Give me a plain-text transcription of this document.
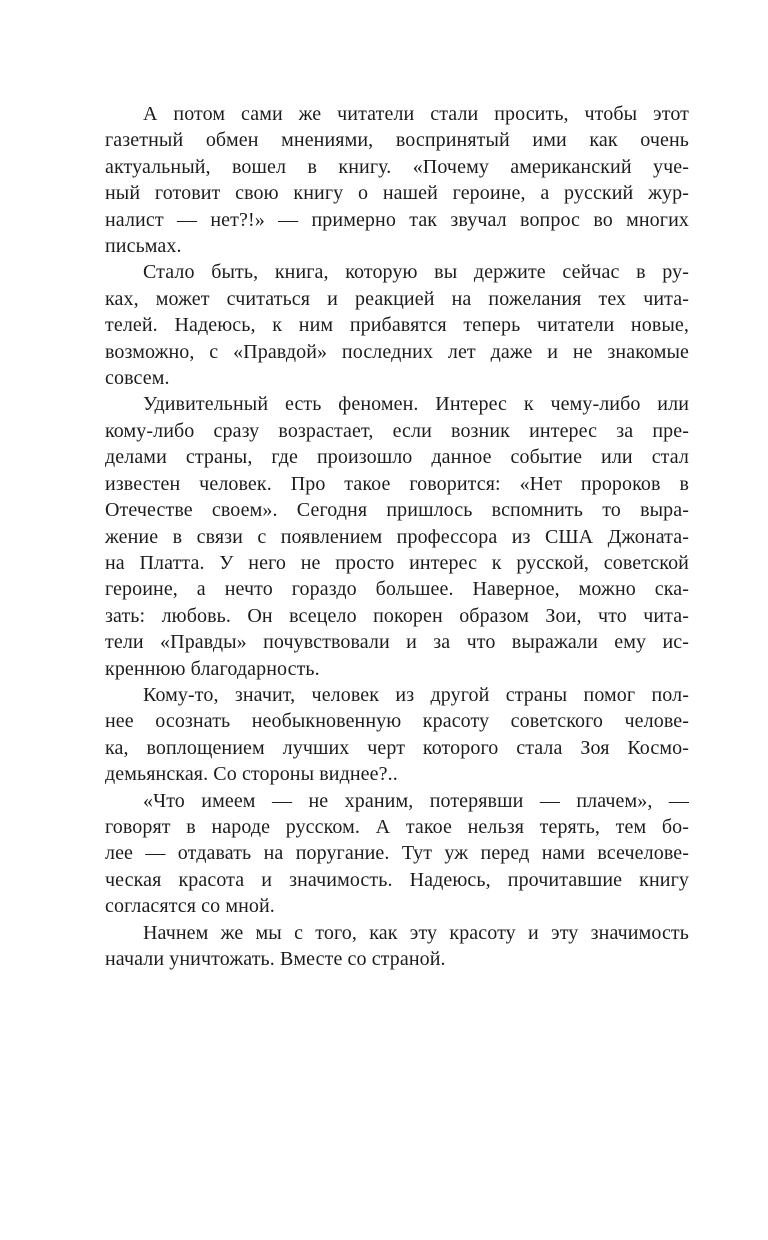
А потом сами же читатели стали просить, чтобы этот
газетный обмен мнениями, воспринятый ими как очень
актуальный, вошел в книгу. «Почему американский уче-
ный готовит свою книгу о нашей героине, а русский жур-
налист — нет?!» — примерно так звучал вопрос во многих
письмах.
Стало быть, книга, которую вы держите сейчас в ру-
ках, может считаться и реакцией на пожелания тех чита-
телей. Надеюсь, к ним прибавятся теперь читатели новые,
возможно, с «Правдой» последних лет даже и не знакомые
совсем.
Удивительный есть феномен. Интерес к чему-либо или
кому-либо сразу возрастает, если возник интерес за пре-
делами страны, где произошло данное событие или стал
известен человек. Про такое говорится: «Нет пророков в
Отечестве своем». Сегодня пришлось вспомнить то выра-
жение в связи с появлением профессора из США Джоната-
на Платта. У него не просто интерес к русской, советской
героине, а нечто гораздо большее. Наверное, можно ска-
зать: любовь. Он всецело покорен образом Зои, что чита-
тели «Правды» почувствовали и за что выражали ему ис-
креннюю благодарность.
Кому-то, значит, человек из другой страны помог пол-
нее осознать необыкновенную красоту советского челове-
ка, воплощением лучших черт которого стала Зоя Космо-
демьянская. Со стороны виднее?..
«Что имеем — не храним, потерявши — плачем», —
говорят в народе русском. А такое нельзя терять, тем бо-
лее — отдавать на поругание. Тут уж перед нами всечелове-
ческая красота и значимость. Надеюсь, прочитавшие книгу
согласятся со мной.
Начнем же мы с того, как эту красоту и эту значимость
начали уничтожать. Вместе со страной.
